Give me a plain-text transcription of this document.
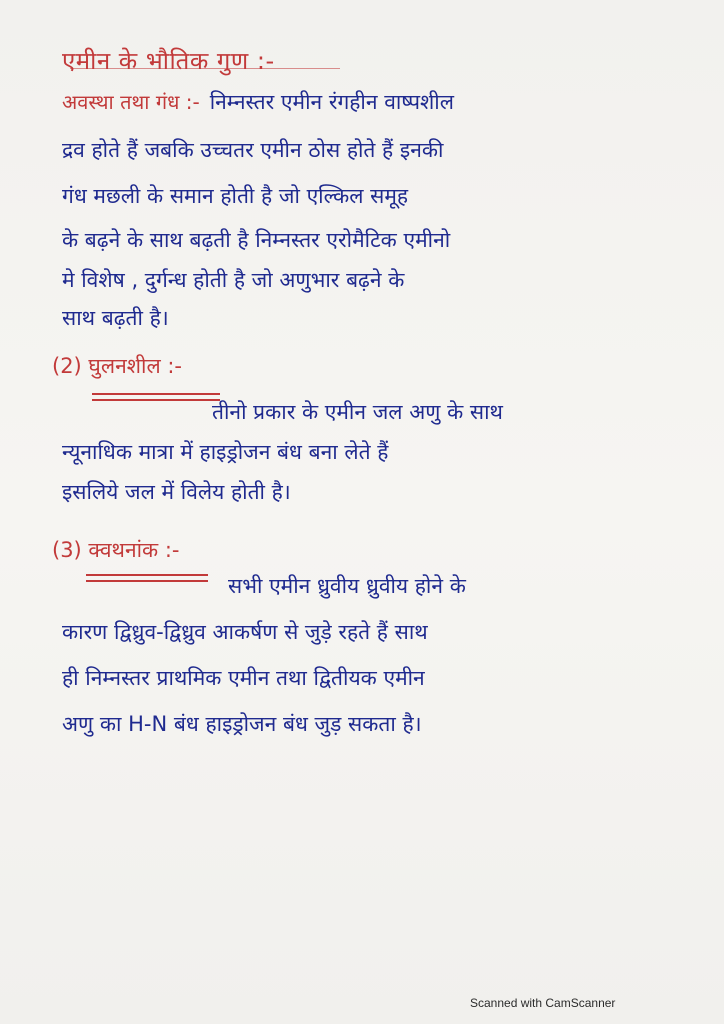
एमीन के भौतिक गुण :-
अवस्था तथा गंध :- निम्नस्तर एमीन रंगहीन वाष्पशील
द्रव होते हैं जबकि उच्चतर एमीन ठोस होते हैं इनकी
गंध मछली के समान होती है जो एल्किल समूह
के बढ़ने के साथ बढ़ती है निम्नस्तर एरोमैटिक एमीनो
मे विशेष , दुर्गन्ध होती है जो अणुभार बढ़ने के
साथ बढ़ती है।
(2) घुलनशील :-
तीनो प्रकार के एमीन जल अणु के साथ
न्यूनाधिक मात्रा में हाइड्रोजन बंध बना लेते हैं
इसलिये जल में विलेय होती है।
(3) क्वथनांक :-
सभी एमीन ध्रुवीय ध्रुवीय होने के
कारण द्विध्रुव-द्विध्रुव आकर्षण से जुड़े रहते हैं साथ
ही निम्नस्तर प्राथमिक एमीन तथा द्वितीयक एमीन
अणु का H-N बंध हाइड्रोजन बंध जुड़ सकता है।
Scanned with CamScanner
